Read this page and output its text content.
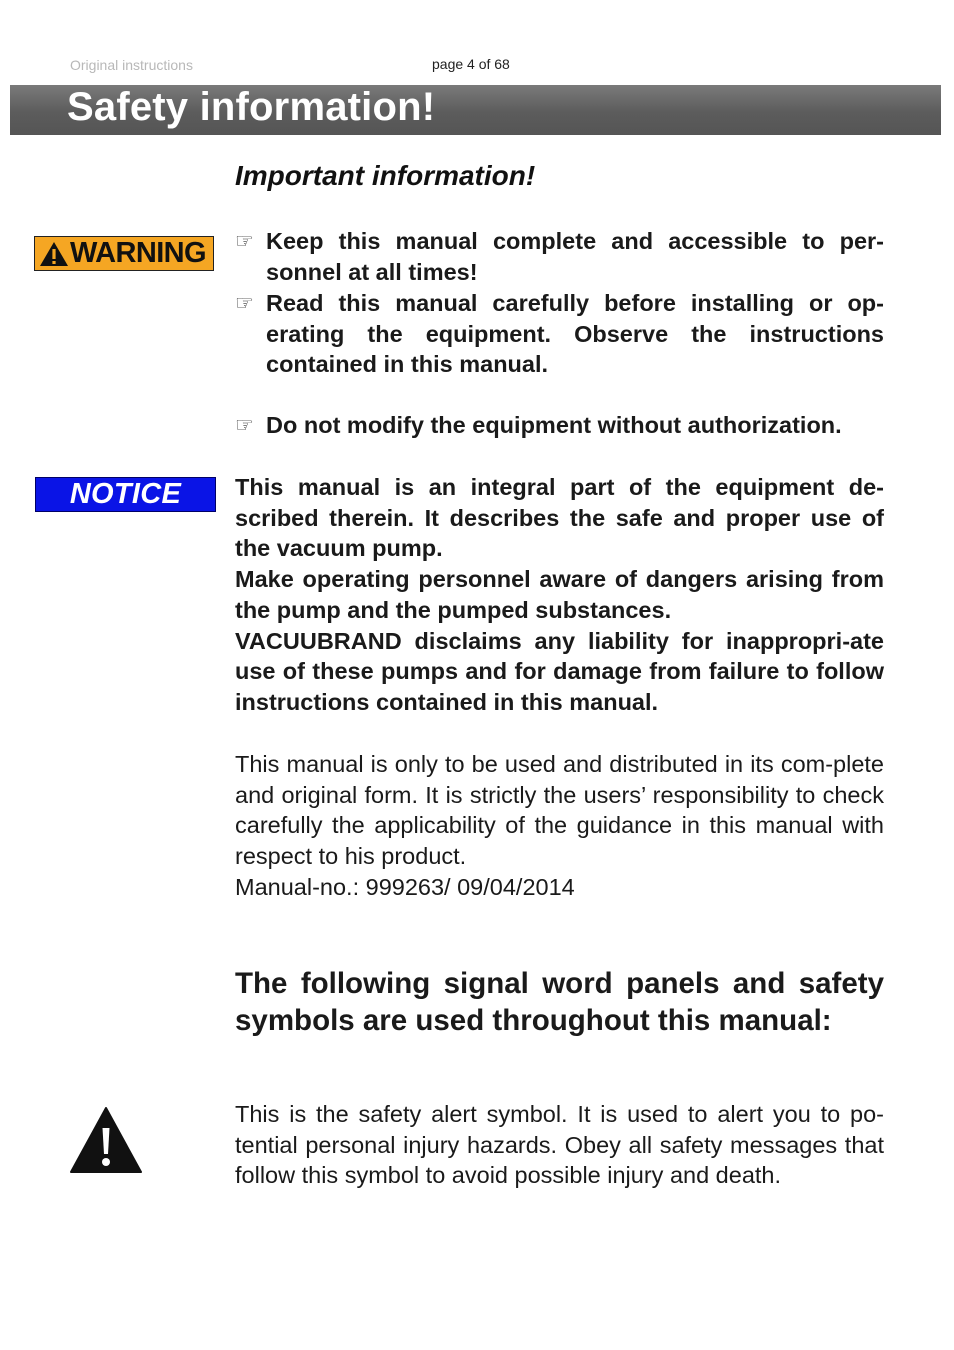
Original instructions	page 4 of 68
Safety information!
Important information!
WARNING ☞ Keep this manual complete and accessible to per-sonnel at all times!
☞ Read this manual carefully before installing or op-erating the equipment. Observe the instructions contained in this manual.
☞ Do not modify the equipment without authorization.
NOTICE This manual is an integral part of the equipment de-scribed therein. It describes the safe and proper use of the vacuum pump.
Make operating personnel aware of dangers arising from the pump and the pumped substances.
VACUUBRAND disclaims any liability for inappropri-ate use of these pumps and for damage from failure to follow instructions contained in this manual.
This manual is only to be used and distributed in its com-plete and original form. It is strictly the users’ responsibility to check carefully the applicability of the guidance in this manual with respect to his product.
Manual-no.: 999263/ 09/04/2014
The following signal word panels and safety symbols are used throughout this manual:
This is the safety alert symbol. It is used to alert you to po-tential personal injury hazards. Obey all safety messages that follow this symbol to avoid possible injury and death.
